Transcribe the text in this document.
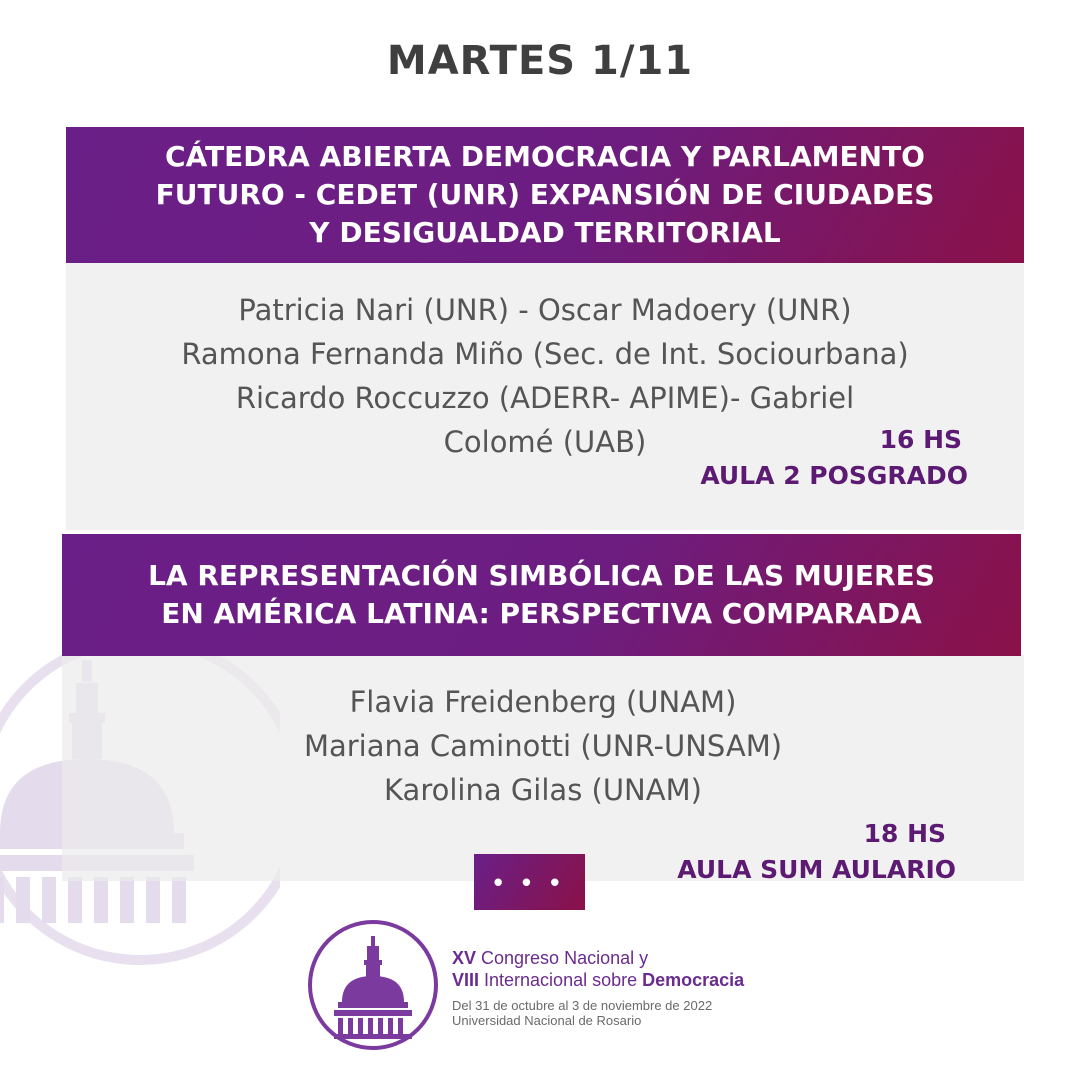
MARTES 1/11
CÁTEDRA ABIERTA DEMOCRACIA Y PARLAMENTO
FUTURO - CEDET (UNR) EXPANSIÓN DE CIUDADES
Y DESIGUALDAD TERRITORIAL
Patricia Nari (UNR) - Oscar Madoery (UNR)
Ramona Fernanda Miño (Sec. de Int. Sociourbana)
Ricardo Roccuzzo (ADERR- APIME)- Gabriel
Colomé (UAB)	16 HS
AULA 2 POSGRADO
LA REPRESENTACIÓN SIMBÓLICA DE LAS MUJERES
EN AMÉRICA LATINA: PERSPECTIVA COMPARADA
Flavia Freidenberg (UNAM)
Mariana Caminotti (UNR-UNSAM)
Karolina Gilas (UNAM)
18 HS
AULA SUM AULARIO
• • •
XV Congreso Nacional y
VIII Internacional sobre Democracia
Del 31 de octubre al 3 de noviembre de 2022
Universidad Nacional de Rosario
